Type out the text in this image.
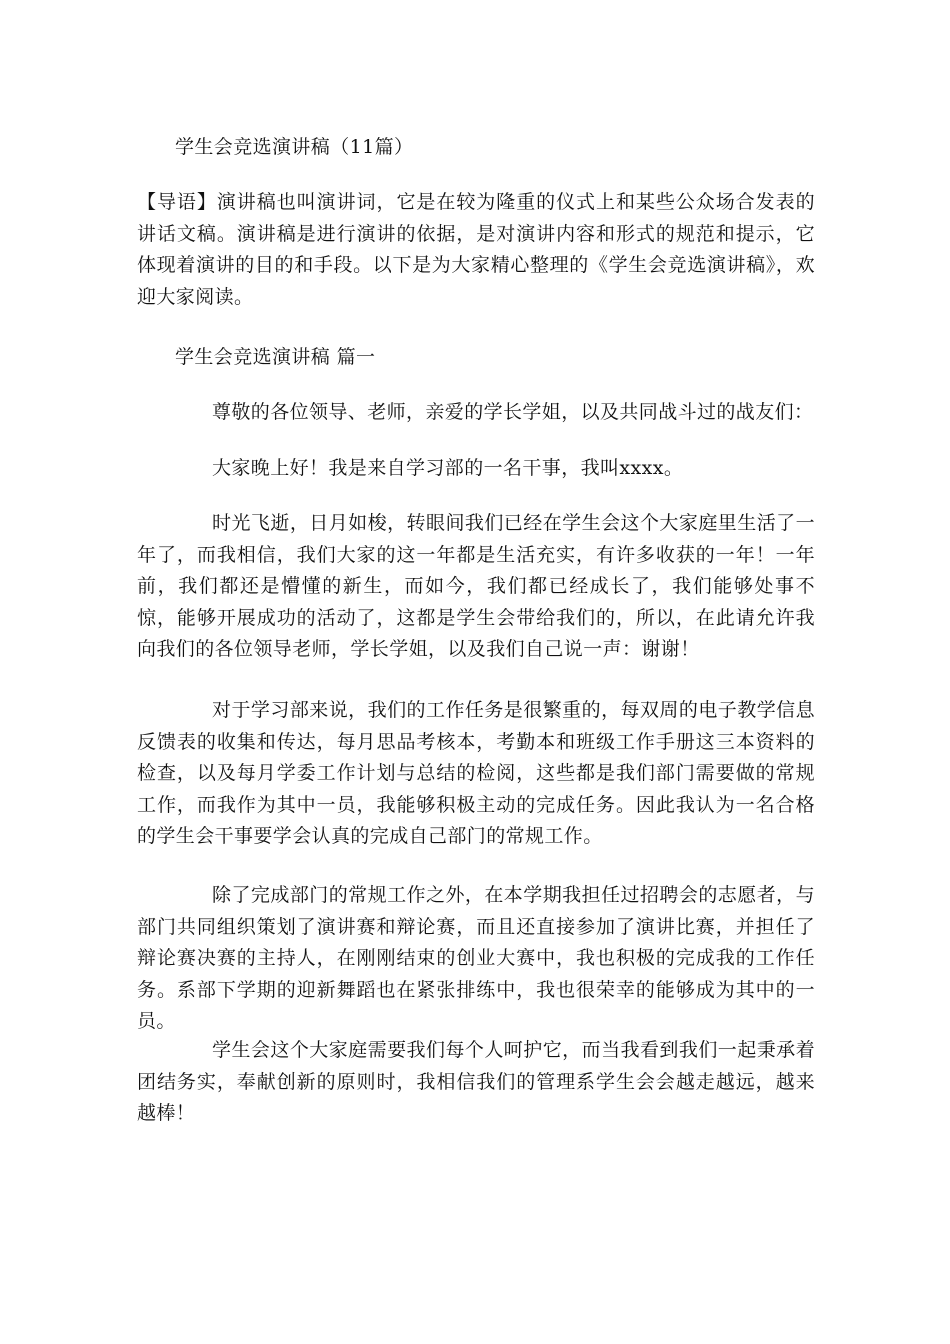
学生会竞选演讲稿（11篇）

【导语】演讲稿也叫演讲词，它是在较为隆重的仪式上和某些公众场合发表的讲话文稿。演讲稿是进行演讲的依据，是对演讲内容和形式的规范和提示，它体现着演讲的目的和手段。以下是为大家精心整理的《学生会竞选演讲稿》，欢迎大家阅读。

学生会竞选演讲稿 篇一

尊敬的各位领导、老师，亲爱的学长学姐，以及共同战斗过的战友们：

大家晚上好！我是来自学习部的一名干事，我叫xxxx。

时光飞逝，日月如梭，转眼间我们已经在学生会这个大家庭里生活了一年了，而我相信，我们大家的这一年都是生活充实，有许多收获的一年！一年前，我们都还是懵懂的新生，而如今，我们都已经成长了，我们能够处事不惊，能够开展成功的活动了，这都是学生会带给我们的，所以，在此请允许我向我们的各位领导老师，学长学姐，以及我们自己说一声：谢谢！

对于学习部来说，我们的工作任务是很繁重的，每双周的电子教学信息反馈表的收集和传达，每月思品考核本，考勤本和班级工作手册这三本资料的检查，以及每月学委工作计划与总结的检阅，这些都是我们部门需要做的常规工作，而我作为其中一员，我能够积极主动的完成任务。因此我认为一名合格的学生会干事要学会认真的完成自己部门的常规工作。

除了完成部门的常规工作之外，在本学期我担任过招聘会的志愿者，与部门共同组织策划了演讲赛和辩论赛，而且还直接参加了演讲比赛，并担任了辩论赛决赛的主持人，在刚刚结束的创业大赛中，我也积极的完成我的工作任务。系部下学期的迎新舞蹈也在紧张排练中，我也很荣幸的能够成为其中的一员。

学生会这个大家庭需要我们每个人呵护它，而当我看到我们一起秉承着团结务实，奉献创新的原则时，我相信我们的管理系学生会会越走越远，越来越棒！
